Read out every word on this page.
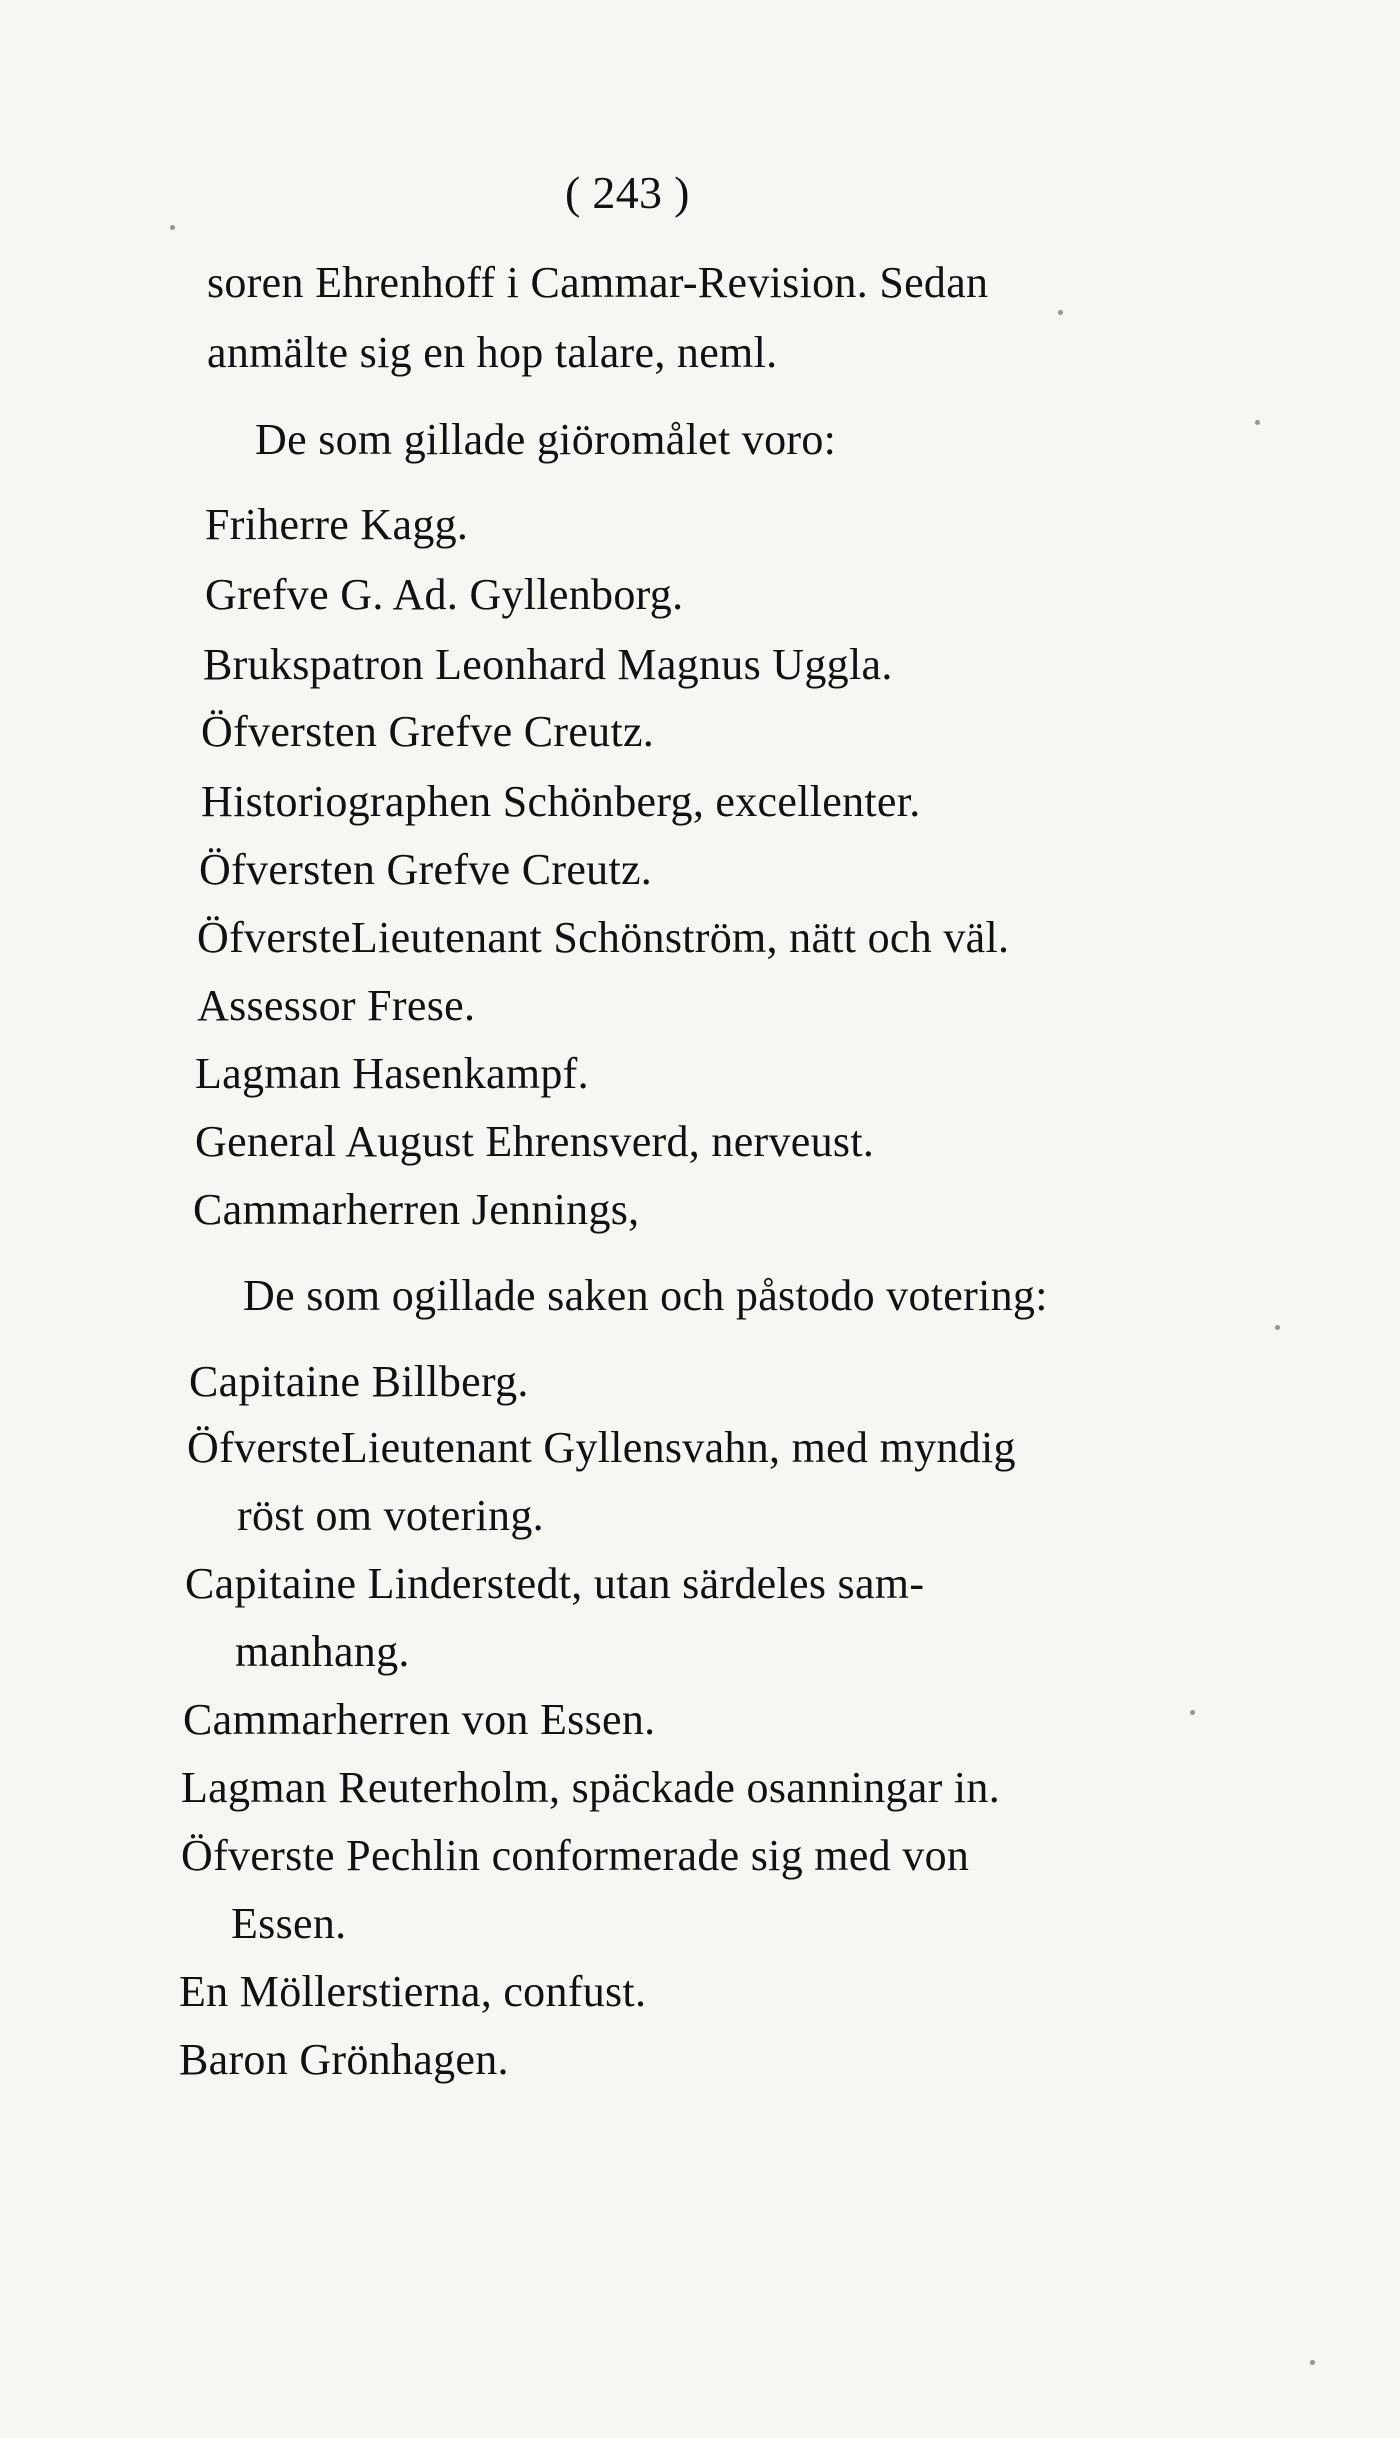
( 243 )
soren Ehrenhoff i Cammar-Revision. Sedan
anmälte sig en hop talare, neml.
De som gillade giöromålet voro:
Friherre Kagg.
Grefve G. Ad. Gyllenborg.
Brukspatron Leonhard Magnus Uggla.
Öfversten Grefve Creutz.
Historiographen Schönberg, excellenter.
Öfversten Grefve Creutz.
ÖfversteLieutenant Schönström, nätt och väl.
Assessor Frese.
Lagman Hasenkampf.
General August Ehrensverd, nerveust.
Cammarherren Jennings,
De som ogillade saken och påstodo votering:
Capitaine Billberg.
ÖfversteLieutenant Gyllensvahn, med myndig
röst om votering.
Capitaine Linderstedt, utan särdeles sam-
manhang.
Cammarherren von Essen.
Lagman Reuterholm, späckade osanningar in.
Öfverste Pechlin conformerade sig med von
Essen.
En Möllerstierna, confust.
Baron Grönhagen.
